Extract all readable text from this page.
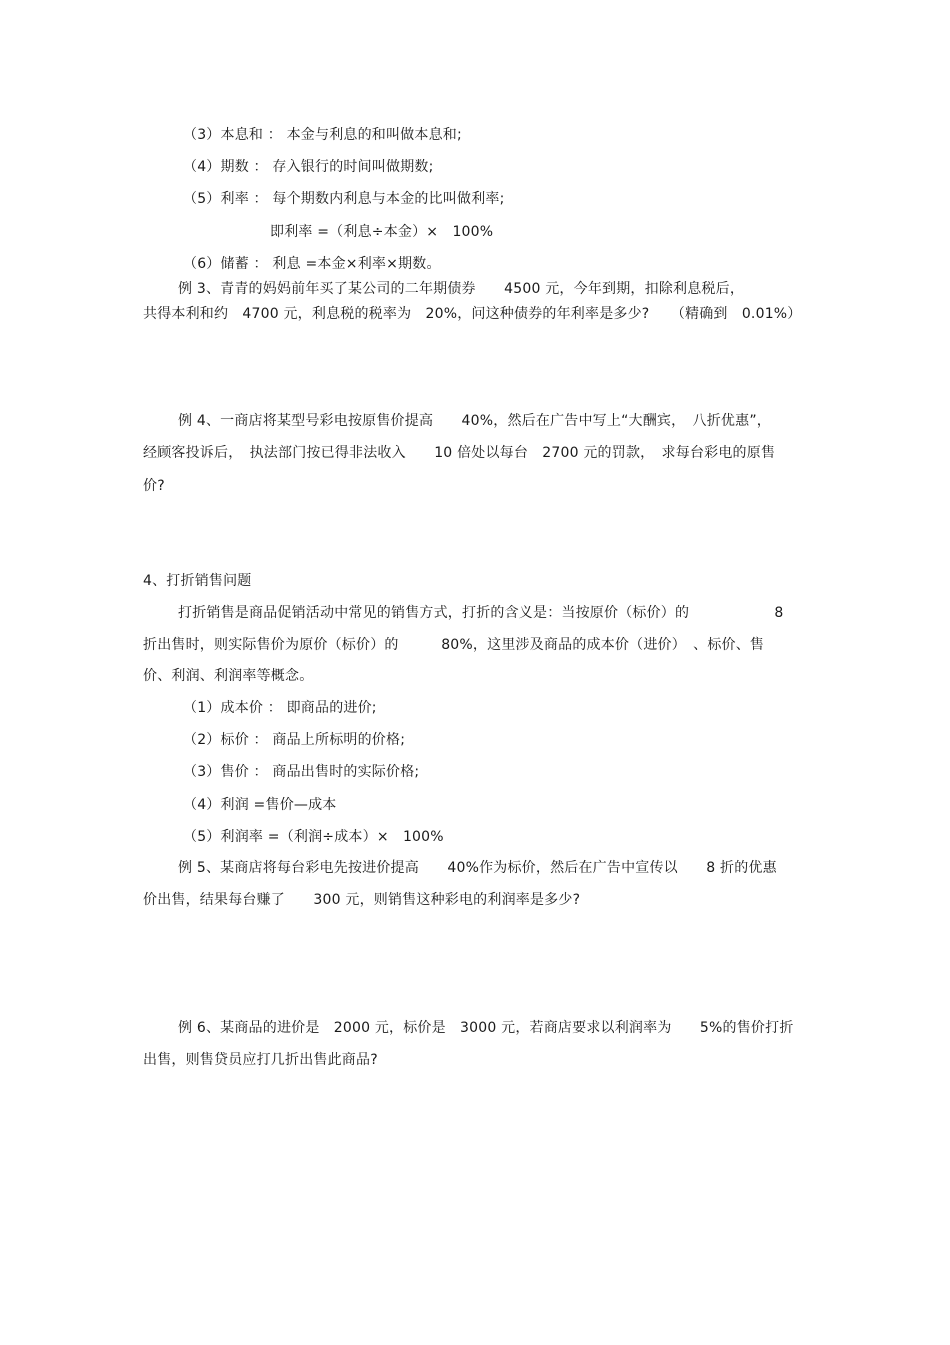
（3）本息和 ： 本金与利息的和叫做本息和;
（4）期数 ： 存入银行的时间叫做期数;
（5）利率 ： 每个期数内利息与本金的比叫做利率;
即利率 =（利息÷本金）×　100%
（6）储蓄 ： 利息 =本金×利率×期数。
例 3、青青的妈妈前年买了某公司的二年期债券　　4500 元，今年到期，扣除利息税后，
共得本利和约　4700 元，利息税的税率为　20%，问这种债券的年利率是多少?　　（精确到　0.01%）
例 4、一商店将某型号彩电按原售价提高　　40%，然后在广告中写上“大酬宾，　八折优惠”，
经顾客投诉后，　执法部门按已得非法收入　　10 倍处以每台　2700 元的罚款，　求每台彩电的原售
价?
4、打折销售问题
打折销售是商品促销活动中常见的销售方式，打折的含义是：当按原价（标价）的　　　　　　8
折出售时，则实际售价为原价（标价）的　　　80%，这里涉及商品的成本价（进价）　、标价、售
价、利润、利润率等概念。
（1）成本价 ： 即商品的进价;
（2）标价 ： 商品上所标明的价格;
（3）售价 ： 商品出售时的实际价格;
（4）利润 =售价—成本
（5）利润率 =（利润÷成本）×　100%
例 5、某商店将每台彩电先按进价提高　　40%作为标价，然后在广告中宣传以　　8 折的优惠
价出售，结果每台赚了　　300 元，则销售这种彩电的利润率是多少?
例 6、某商品的进价是　2000 元，标价是　3000 元，若商店要求以利润率为　　5%的售价打折
出售，则售贷员应打几折出售此商品?
